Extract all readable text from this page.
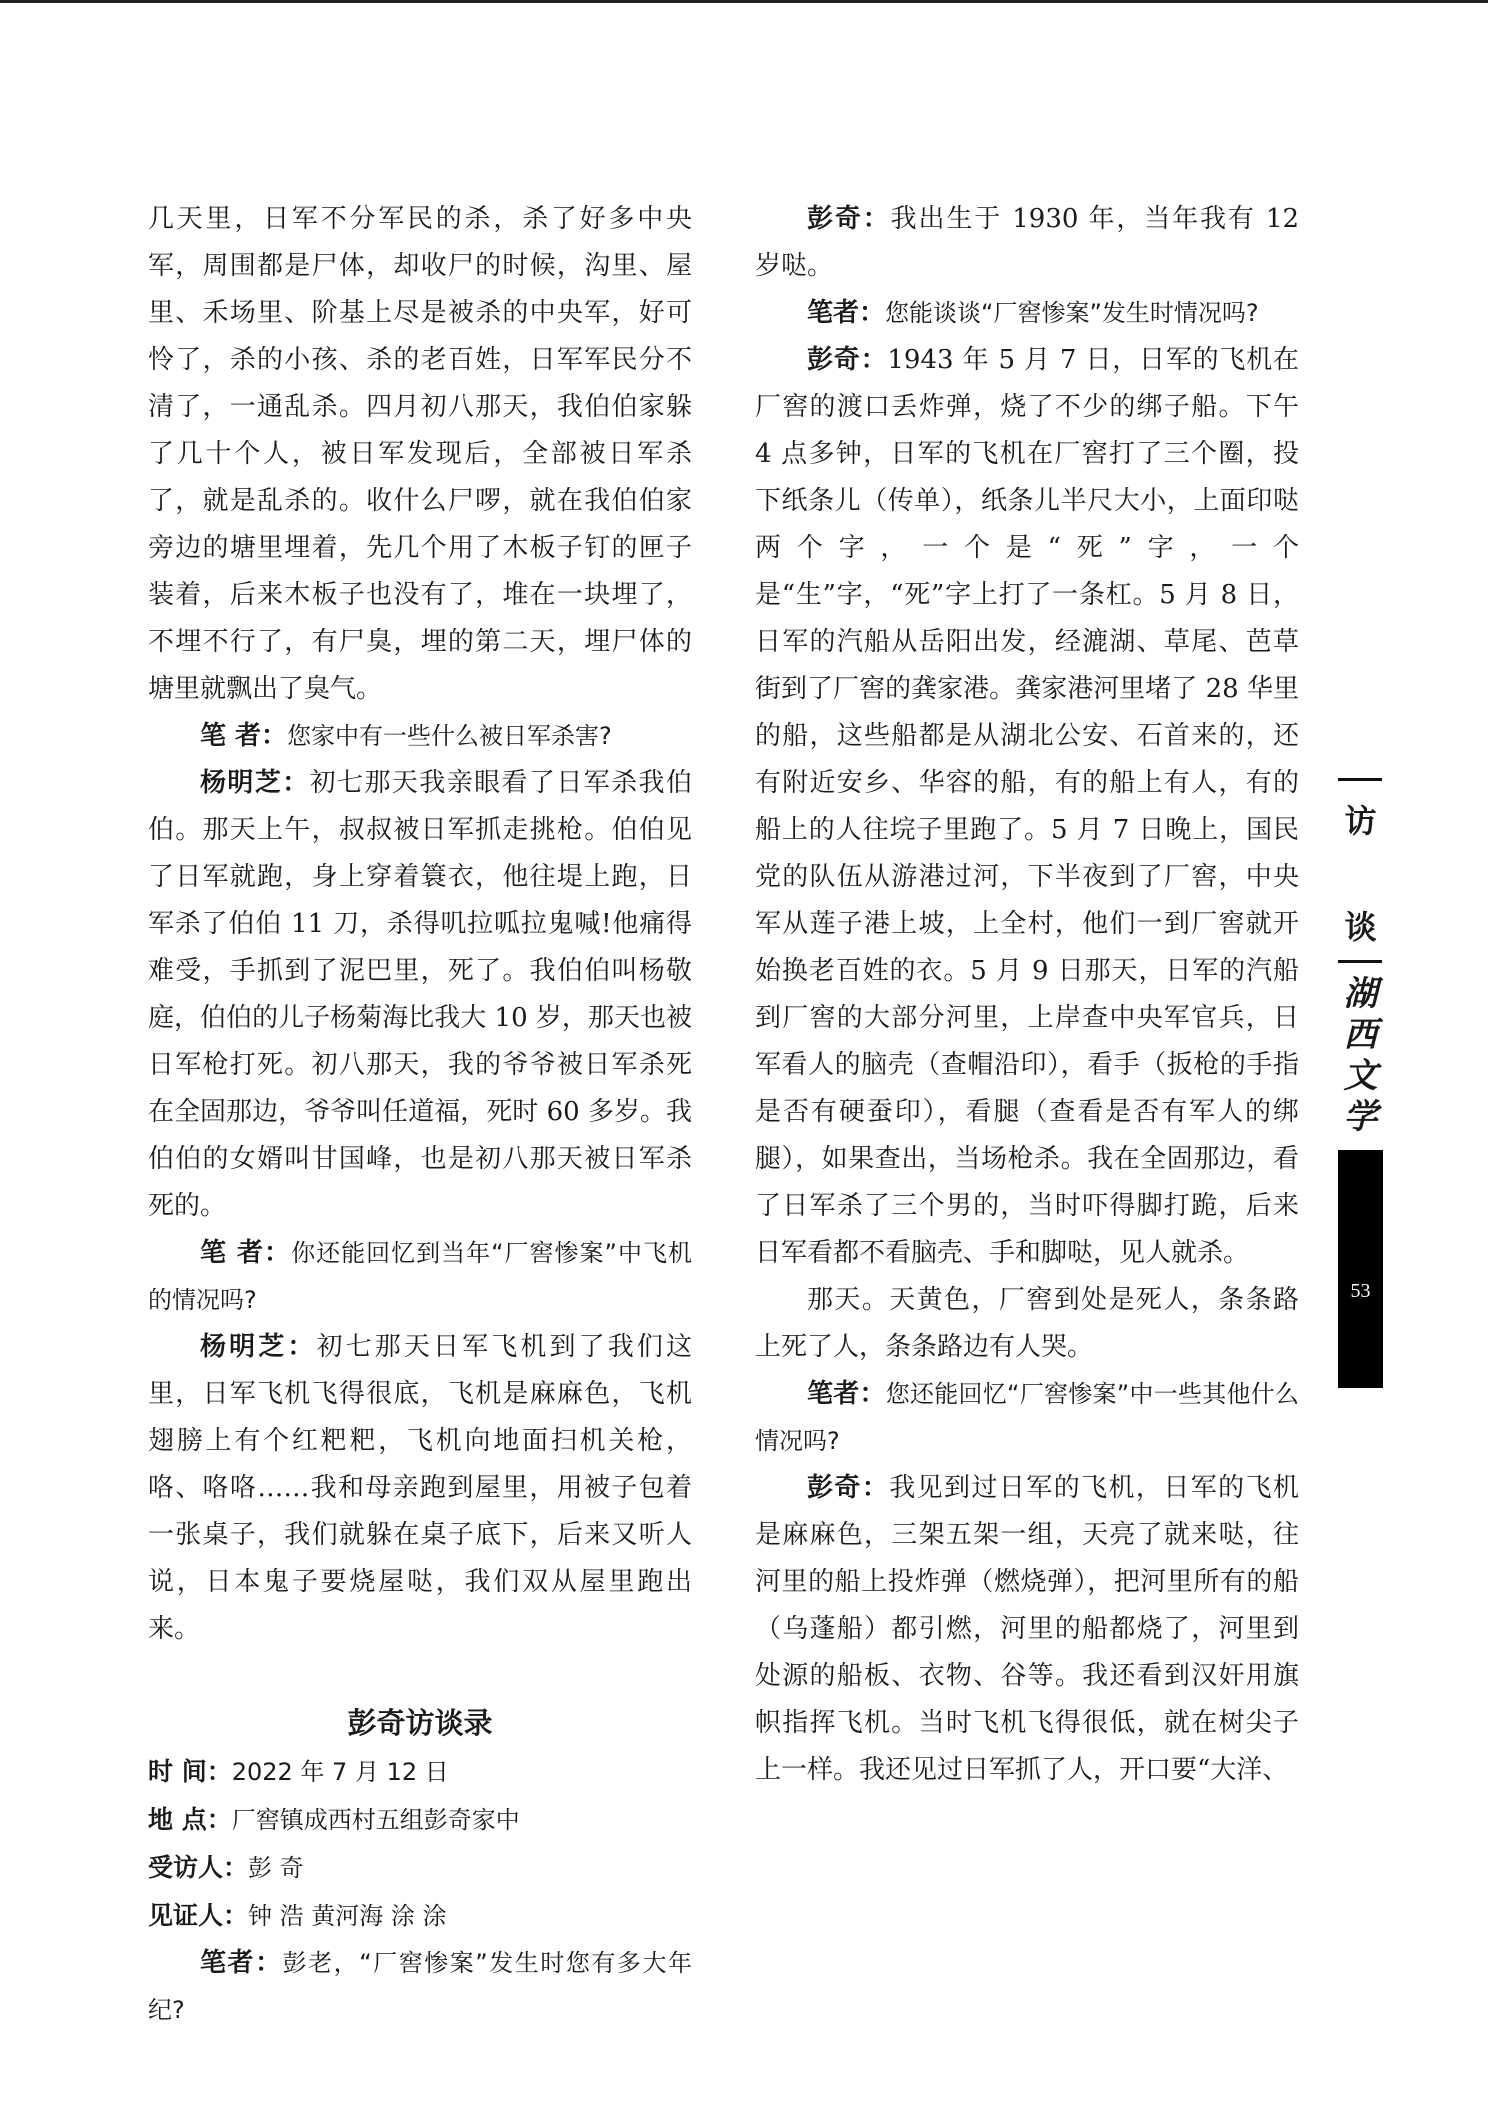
几天里，日军不分军民的杀，杀了好多中央军，周围都是尸体，却收尸的时候，沟里、屋里、禾场里、阶基上尽是被杀的中央军，好可怜了，杀的小孩、杀的老百姓，日军军民分不清了，一通乱杀。四月初八那天，我伯伯家躲了几十个人，被日军发现后，全部被日军杀了，就是乱杀的。收什么尸啰，就在我伯伯家旁边的塘里埋着，先几个用了木板子钉的匣子装着，后来木板子也没有了，堆在一块埋了， 不埋不行了，有尸臭，埋的第二天，埋尸体的塘里就飘出了臭气。

笔 者：您家中有一些什么被日军杀害?

杨明芝：初七那天我亲眼看了日军杀我伯伯。那天上午，叔叔被日军抓走挑枪。伯伯见了日军就跑，身上穿着簑衣，他往堤上跑，日军杀了伯伯 11 刀，杀得叽拉呱拉鬼喊!他痛得难受，手抓到了泥巴里，死了。我伯伯叫杨敬庭，伯伯的儿子杨菊海比我大 10 岁，那天也被日军枪打死。初八那天，我的爷爷被日军杀死在全固那边，爷爷叫任道福，死时 60 多岁。我伯伯的女婿叫甘国峰，也是初八那天被日军杀死的。

笔 者：你还能回忆到当年“厂窖惨案”中飞机的情况吗?

杨明芝：初七那天日军飞机到了我们这里，日军飞机飞得很底，飞机是麻麻色，飞机翅膀上有个红粑粑，飞机向地面扫机关枪，咯、咯咯……我和母亲跑到屋里，用被子包着一张桌子，我们就躲在桌子底下，后来又听人说，日本鬼子要烧屋哒，我们双从屋里跑出来。

彭奇访谈录

时 间：2022 年 7 月 12 日

地 点：厂窖镇成西村五组彭奇家中

受访人：彭 奇

见证人：钟 浩 黄河海 涂 涂

笔者：彭老，“厂窖惨案”发生时您有多大年纪?

彭奇：我出生于 1930 年，当年我有 12 岁哒。

笔者：您能谈谈“厂窖惨案”发生时情况吗?

彭奇：1943 年 5 月 7 日，日军的飞机在厂窖的渡口丢炸弹，烧了不少的绑子船。下午 4 点多钟，日军的飞机在厂窖打了三个圈，投下纸条儿（传单），纸条儿半尺大小，上面印哒两个字，一个是“死”字，一个是“生”字，“死”字上打了一条杠。5 月 8 日，日军的汽船从岳阳出发，经漉湖、草尾、芭草街到了厂窖的龚家港。龚家港河里堵了 28 华里的船，这些船都是从湖北公安、石首来的，还有附近安乡、华容的船，有的船上有人，有的船上的人往垸子里跑了。5 月 7 日晚上，国民党的队伍从游港过河，下半夜到了厂窖，中央军从莲子港上坡，上全村，他们一到厂窖就开始换老百姓的衣。5 月 9 日那天，日军的汽船到厂窖的大部分河里，上岸查中央军官兵，日军看人的脑壳（查帽沿印），看手（扳枪的手指是否有硬蚕印），看腿（查看是否有军人的绑腿），如果查出，当场枪杀。我在全固那边，看了日军杀了三个男的，当时吓得脚打跪，后来日军看都不看脑壳、手和脚哒，见人就杀。

那天。天黄色，厂窖到处是死人，条条路上死了人，条条路边有人哭。

笔者：您还能回忆“厂窖惨案”中一些其他什么情况吗?

彭奇：我见到过日军的飞机，日军的飞机是麻麻色，三架五架一组，天亮了就来哒，往河里的船上投炸弹（燃烧弹），把河里所有的船（乌蓬船）都引燃，河里的船都烧了，河里到处源的船板、衣物、谷等。我还看到汉奸用旗帜指挥飞机。当时飞机飞得很低，就在树尖子上一样。我还见过日军抓了人，开口要“大洋、

访
谈
湖
西
文
学
53
